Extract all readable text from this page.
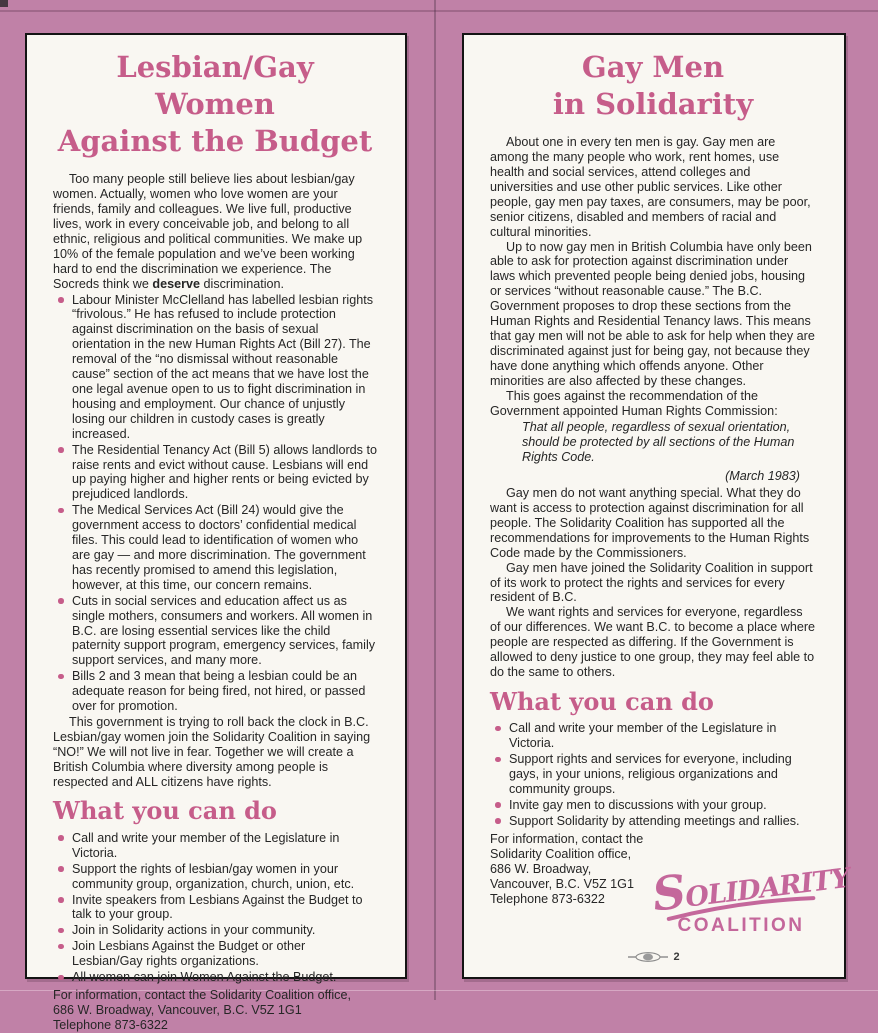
Lesbian/Gay Women
Against the Budget

Too many people still believe lies about lesbian/gay women. Actually, women who love women are your friends, family and colleagues. We live full, productive lives, work in every conceivable job, and belong to all ethnic, religious and political communities. We make up 10% of the female population and we’ve been working hard to end the discrimination we experience. The Socreds think we deserve discrimination.

Labour Minister McClelland has labelled lesbian rights “frivolous.” He has refused to include protection against discrimination on the basis of sexual orientation in the new Human Rights Act (Bill 27). The removal of the “no dismissal without reasonable cause” section of the act means that we have lost the one legal avenue open to us to fight discrimination in housing and employment. Our chance of unjustly losing our children in custody cases is greatly increased.
The Residential Tenancy Act (Bill 5) allows landlords to raise rents and evict without cause. Lesbians will end up paying higher and higher rents or being evicted by prejudiced landlords.
The Medical Services Act (Bill 24) would give the government access to doctors’ confidential medical files. This could lead to identification of women who are gay — and more discrimination. The government has recently promised to amend this legislation, however, at this time, our concern remains.
Cuts in social services and education affect us as single mothers, consumers and workers. All women in B.C. are losing essential services like the child paternity support program, emergency services, family support services, and many more.
Bills 2 and 3 mean that being a lesbian could be an adequate reason for being fired, not hired, or passed over for promotion.

This government is trying to roll back the clock in B.C. Lesbian/gay women join the Solidarity Coalition in saying “NO!” We will not live in fear. Together we will create a British Columbia where diversity among people is respected and ALL citizens have rights.

What you can do
Call and write your member of the Legislature in Victoria.
Support the rights of lesbian/gay women in your community group, organization, church, union, etc.
Invite speakers from Lesbians Against the Budget to talk to your group.
Join in Solidarity actions in your community.
Join Lesbians Against the Budget or other Lesbian/Gay rights organizations.
All women can join Women Against the Budget.
For information, contact the Solidarity Coalition office,
686 W. Broadway, Vancouver, B.C. V5Z 1G1
Telephone 873-6322
Gay Men
in Solidarity

About one in every ten men is gay. Gay men are among the many people who work, rent homes, use health and social services, attend colleges and universities and use other public services. Like other people, gay men pay taxes, are consumers, may be poor, senior citizens, disabled and members of racial and cultural minorities.

Up to now gay men in British Columbia have only been able to ask for protection against discrimination under laws which prevented people being denied jobs, housing or services “without reasonable cause.” The B.C. Government proposes to drop these sections from the Human Rights and Residential Tenancy laws. This means that gay men will not be able to ask for help when they are discriminated against just for being gay, not because they have done anything which offends anyone. Other minorities are also affected by these changes.

This goes against the recommendation of the Government appointed Human Rights Commission:

That all people, regardless of sexual orientation, should be protected by all sections of the Human Rights Code.

(March 1983)

Gay men do not want anything special. What they do want is access to protection against discrimination for all people. The Solidarity Coalition has supported all the recommendations for improvements to the Human Rights Code made by the Commissioners.

Gay men have joined the Solidarity Coalition in support of its work to protect the rights and services for every resident of B.C.

We want rights and services for everyone, regardless of our differences. We want B.C. to become a place where people are respected as differing. If the Government is allowed to deny justice to one group, they may feel able to do the same to others.

What you can do
Call and write your member of the Legislature in Victoria.
Support rights and services for everyone, including gays, in your unions, religious organizations and community groups.
Invite gay men to discussions with your group.
Support Solidarity by attending meetings and rallies.
For information, contact the
Solidarity Coalition office,
686 W. Broadway,
Vancouver, B.C. V5Z 1G1
Telephone 873-6322	SOLIDARITY
COALITION
2
